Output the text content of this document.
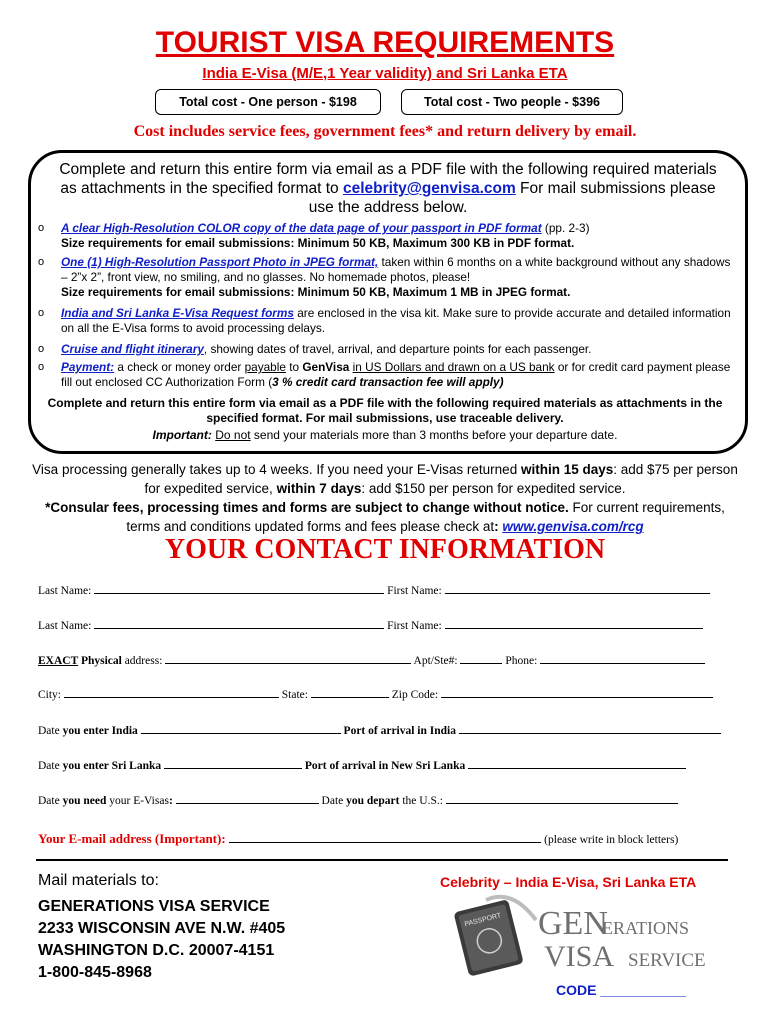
TOURIST VISA REQUIREMENTS
India E-Visa (M/E,1 Year validity) and Sri Lanka ETA
Total cost - One person - $198	Total cost - Two people - $396
Cost includes service fees, government fees* and return delivery by email.
Complete and return this entire form via email as a PDF file with the following required materials as attachments in the specified format to celebrity@genvisa.com For mail submissions please use the address below.
o A clear High-Resolution COLOR copy of the data page of your passport in PDF format (pp. 2-3)
Size requirements for email submissions: Minimum 50 KB, Maximum 300 KB in PDF format.
o One (1) High-Resolution Passport Photo in JPEG format, taken within 6 months on a white background without any shadows – 2”x 2”, front view, no smiling, and no glasses. No homemade photos, please!
Size requirements for email submissions: Minimum 50 KB, Maximum 1 MB in JPEG format.
o India and Sri Lanka E-Visa Request forms are enclosed in the visa kit. Make sure to provide accurate and detailed information on all the E-Visa forms to avoid processing delays.
o Cruise and flight itinerary, showing dates of travel, arrival, and departure points for each passenger.
o Payment: a check or money order payable to GenVisa in US Dollars and drawn on a US bank or for credit card payment please fill out enclosed CC Authorization Form (3 % credit card transaction fee will apply)
Complete and return this entire form via email as a PDF file with the following required materials as attachments in the specified format. For mail submissions, use traceable delivery.
Important: Do not send your materials more than 3 months before your departure date.
Visa processing generally takes up to 4 weeks. If you need your E-Visas returned within 15 days: add $75 per person for expedited service, within 7 days: add $150 per person for expedited service.
*Consular fees, processing times and forms are subject to change without notice. For current requirements, terms and conditions updated forms and fees please check at: www.genvisa.com/rcg
YOUR CONTACT INFORMATION
Last Name:	First Name:
Last Name:	First Name:
EXACT Physical address:	Apt/Ste#:	Phone:
City:	State:	Zip Code:
Date you enter India	Port of arrival in India
Date you enter Sri Lanka	Port of arrival in New Sri Lanka
Date you need your E-Visas:	Date you depart the U.S.:
Your E-mail address (Important):	(please write in block letters)
Mail materials to:
GENERATIONS VISA SERVICE
2233 WISCONSIN AVE N.W. #405
WASHINGTON D.C. 20007-4151
1-800-845-8968
Celebrity – India E-Visa, Sri Lanka ETA
PASSPORT GEN
ERATIONS
VISA SERVICE
CODE ___________
